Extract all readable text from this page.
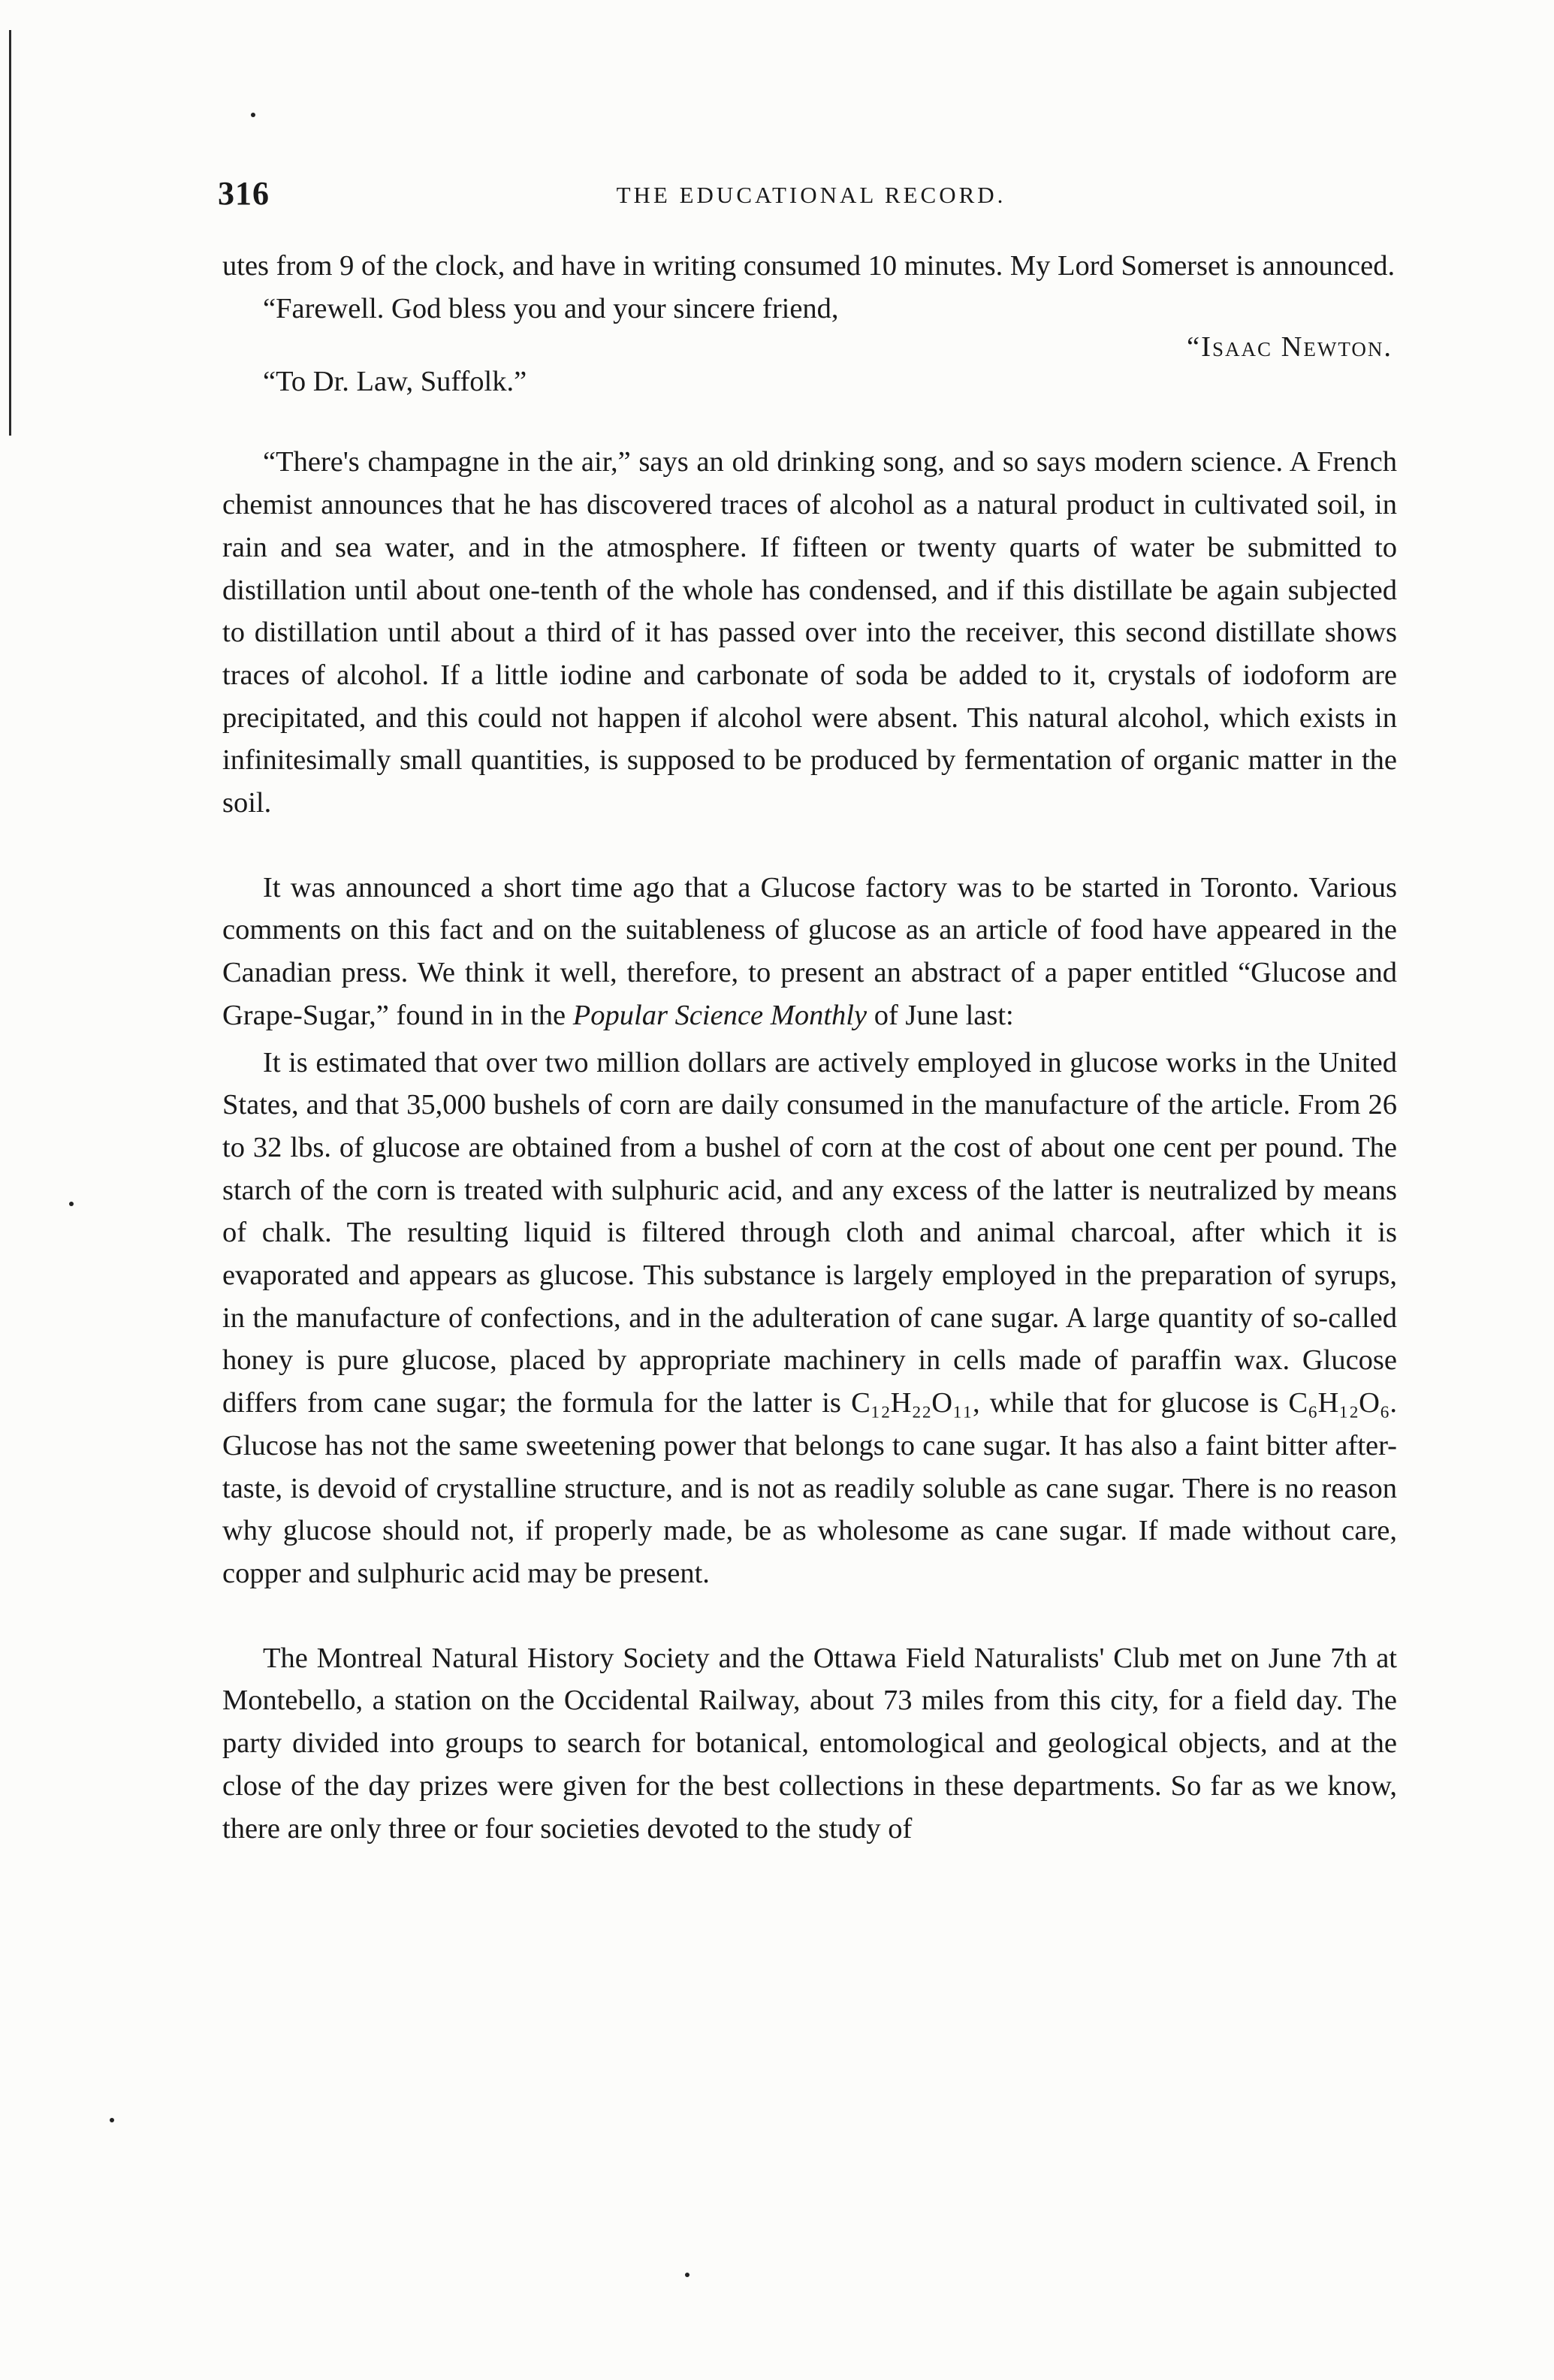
316	THE EDUCATIONAL RECORD.

utes from 9 of the clock, and have in writing consumed 10 minutes. My Lord Somerset is announced.

“Farewell. God bless you and your sincere friend,

“Isaac Newton.

“To Dr. Law, Suffolk.”

“There's champagne in the air,” says an old drinking song, and so says modern science. A French chemist announces that he has discovered traces of alcohol as a natural product in cultivated soil, in rain and sea water, and in the atmosphere. If fifteen or twenty quarts of water be submitted to distillation until about one-tenth of the whole has condensed, and if this distillate be again subjected to distillation until about a third of it has passed over into the receiver, this second distillate shows traces of alcohol. If a little iodine and carbonate of soda be added to it, crystals of iodoform are precipitated, and this could not happen if alcohol were absent. This natural alcohol, which exists in infinitesimally small quantities, is supposed to be produced by fermentation of organic matter in the soil.

It was announced a short time ago that a Glucose factory was to be started in Toronto. Various comments on this fact and on the suitableness of glucose as an article of food have appeared in the Canadian press. We think it well, therefore, to present an abstract of a paper entitled “Glucose and Grape-Sugar,” found in in the Popular Science Monthly of June last:

It is estimated that over two million dollars are actively employed in glucose works in the United States, and that 35,000 bushels of corn are daily consumed in the manufacture of the article. From 26 to 32 lbs. of glucose are obtained from a bushel of corn at the cost of about one cent per pound. The starch of the corn is treated with sulphuric acid, and any excess of the latter is neutralized by means of chalk. The resulting liquid is filtered through cloth and animal charcoal, after which it is evaporated and appears as glucose. This substance is largely employed in the preparation of syrups, in the manufacture of confections, and in the adulteration of cane sugar. A large quantity of so-called honey is pure glucose, placed by appropriate machinery in cells made of paraffin wax. Glucose differs from cane sugar; the formula for the latter is C₁₂H₂₂O₁₁, while that for glucose is C₆H₁₂O₆. Glucose has not the same sweetening power that belongs to cane sugar. It has also a faint bitter after-taste, is devoid of crystalline structure, and is not as readily soluble as cane sugar. There is no reason why glucose should not, if properly made, be as wholesome as cane sugar. If made without care, copper and sulphuric acid may be present.

The Montreal Natural History Society and the Ottawa Field Naturalists' Club met on June 7th at Montebello, a station on the Occidental Railway, about 73 miles from this city, for a field day. The party divided into groups to search for botanical, entomological and geological objects, and at the close of the day prizes were given for the best collections in these departments. So far as we know, there are only three or four societies devoted to the study of
